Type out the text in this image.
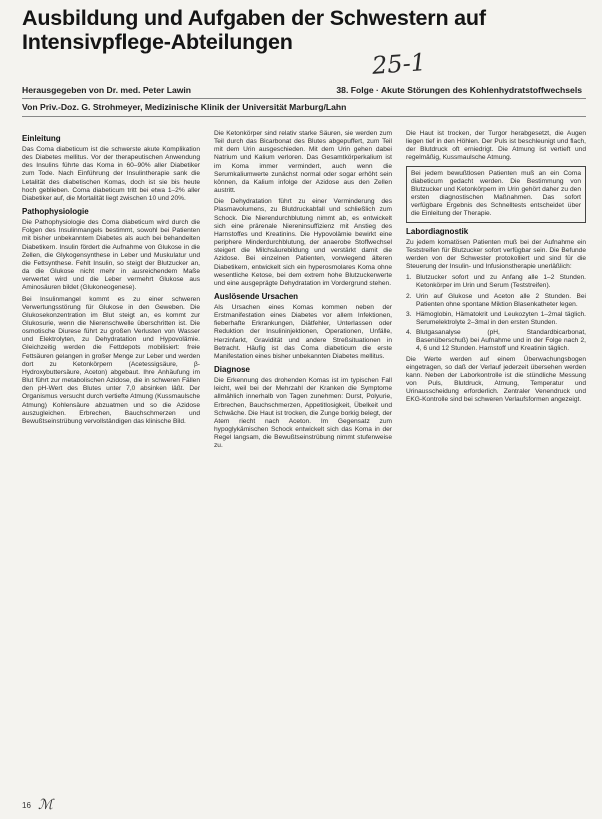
Ausbildung und Aufgaben der Schwestern auf Intensivpflege-Abteilungen
25-1
Herausgegeben von Dr. med. Peter Lawin	38. Folge · Akute Störungen des Kohlenhydratstoffwechsels
Von Priv.-Doz. G. Strohmeyer, Medizinische Klinik der Universität Marburg/Lahn
Einleitung

Das Coma diabeticum ist die schwerste akute Komplikation des Diabetes mellitus. Vor der therapeutischen Anwendung des Insulins führte das Koma in 60–90% aller Diabetiker zum Tode. Nach Einführung der Insulintherapie sank die Letalität des diabetischen Komas, doch ist sie bis heute hoch geblieben. Coma diabeticum tritt bei etwa 1–2% aller Diabetiker auf, die Mortalität liegt zwischen 10 und 20%.

Pathophysiologie

Die Pathophysiologie des Coma diabeticum wird durch die Folgen des Insulinmangels bestimmt, sowohl bei Patienten mit bisher unbekanntem Diabetes als auch bei behandelten Diabetikern. Insulin fördert die Aufnahme von Glukose in die Zellen, die Glykogensynthese in Leber und Muskulatur und die Fettsynthese. Fehlt Insulin, so steigt der Blutzucker an, da die Glukose nicht mehr in ausreichendem Maße verwertet wird und die Leber vermehrt Glukose aus Aminosäuren bildet (Glukoneogenese).

Bei Insulinmangel kommt es zu einer schweren Verwertungsstörung für Glukose in den Geweben. Die Glukosekonzentration im Blut steigt an, es kommt zur Glukosurie, wenn die Nierenschwelle überschritten ist. Die osmotische Diurese führt zu großen Verlusten von Wasser und Elektrolyten, zu Dehydratation und Hypovolämie. Gleichzeitig werden die Fettdepots mobilisiert: freie Fettsäuren gelangen in großer Menge zur Leber und werden dort zu Ketonkörpern (Acetessigsäure, β-Hydroxybuttersäure, Aceton) abgebaut. Ihre Anhäufung im Blut führt zur metabolischen Azidose, die in schweren Fällen den pH-Wert des Blutes unter 7,0 absinken läßt. Der Organismus versucht durch vertiefte Atmung (Kussmaulsche Atmung) Kohlensäure abzuatmen und so die Azidose auszugleichen. Erbrechen, Bauchschmerzen und Bewußtseinstrübung vervollständigen das klinische Bild.

Die Ketonkörper sind relativ starke Säuren, sie werden zum Teil durch das Bicarbonat des Blutes abgepuffert, zum Teil mit dem Urin ausgeschieden. Mit dem Urin gehen dabei Natrium und Kalium verloren. Das Gesamtkörperkalium ist im Koma immer vermindert, auch wenn die Serumkaliumwerte zunächst normal oder sogar erhöht sein können, da Kalium infolge der Azidose aus den Zellen austritt.

Die Dehydratation führt zu einer Verminderung des Plasmavolumens, zu Blutdruckabfall und schließlich zum Schock. Die Nierendurchblutung nimmt ab, es entwickelt sich eine prärenale Niereninsuffizienz mit Anstieg des Harnstoffes und Kreatinins. Die Hypovolämie bewirkt eine periphere Minderdurchblutung, der anaerobe Stoffwechsel steigert die Milchsäurebildung und verstärkt damit die Azidose. Bei einzelnen Patienten, vorwiegend älteren Diabetikern, entwickelt sich ein hyperosmolares Koma ohne wesentliche Ketose, bei dem extrem hohe Blutzuckerwerte und eine ausgeprägte Dehydratation im Vordergrund stehen.

Auslösende Ursachen

Als Ursachen eines Komas kommen neben der Erstmanifestation eines Diabetes vor allem Infektionen, fieberhafte Erkrankungen, Diätfehler, Unterlassen oder Reduktion der Insulininjektionen, Operationen, Unfälle, Herzinfarkt, Gravidität und andere Streßsituationen in Betracht. Häufig ist das Coma diabeticum die erste Manifestation eines bisher unbekannten Diabetes mellitus.

Diagnose

Die Erkennung des drohenden Komas ist im typischen Fall leicht, weil bei der Mehrzahl der Kranken die Symptome allmählich innerhalb von Tagen zunehmen: Durst, Polyurie, Erbrechen, Bauchschmerzen, Appetitlosigkeit, Übelkeit und Schwäche. Die Haut ist trocken, die Zunge borkig belegt, der Atem riecht nach Aceton. Im Gegensatz zum hypoglykämischen Schock entwickelt sich das Koma in der Regel langsam, die Bewußtseinstrübung nimmt stufenweise zu.

Die Haut ist trocken, der Turgor herabgesetzt, die Augen liegen tief in den Höhlen. Der Puls ist beschleunigt und flach, der Blutdruck oft erniedrigt. Die Atmung ist vertieft und regelmäßig, Kussmaulsche Atmung.

Bei jedem bewußtlosen Patienten muß an ein Coma diabeticum gedacht werden. Die Bestimmung von Blutzucker und Ketonkörpern im Urin gehört daher zu den ersten diagnostischen Maßnahmen. Das sofort verfügbare Ergebnis des Schnelltests entscheidet über die Einleitung der Therapie.
Labordiagnostik

Zu jedem komatösen Patienten muß bei der Aufnahme ein Teststreifen für Blutzucker sofort verfügbar sein. Die Befunde werden von der Schwester protokolliert und sind für die Steuerung der Insulin- und Infusionstherapie unerläßlich:

1. Blutzucker sofort und zu Anfang alle 1–2 Stunden. Ketonkörper im Urin und Serum (Teststreifen).
2. Urin auf Glukose und Aceton alle 2 Stunden. Bei Patienten ohne spontane Miktion Blasenkatheter legen.
3. Hämoglobin, Hämatokrit und Leukozyten 1–2mal täglich. Serumelektrolyte 2–3mal in den ersten Stunden.
4. Blutgasanalyse (pH, Standardbicarbonat, Basenüberschuß) bei Aufnahme und in der Folge nach 2, 4, 6 und 12 Stunden. Harnstoff und Kreatinin täglich.

Die Werte werden auf einem Überwachungsbogen eingetragen, so daß der Verlauf jederzeit übersehen werden kann. Neben der Laborkontrolle ist die stündliche Messung von Puls, Blutdruck, Atmung, Temperatur und Urinausscheidung erforderlich. Zentraler Venendruck und EKG-Kontrolle sind bei schweren Verlaufsformen angezeigt.

16 ℳ
